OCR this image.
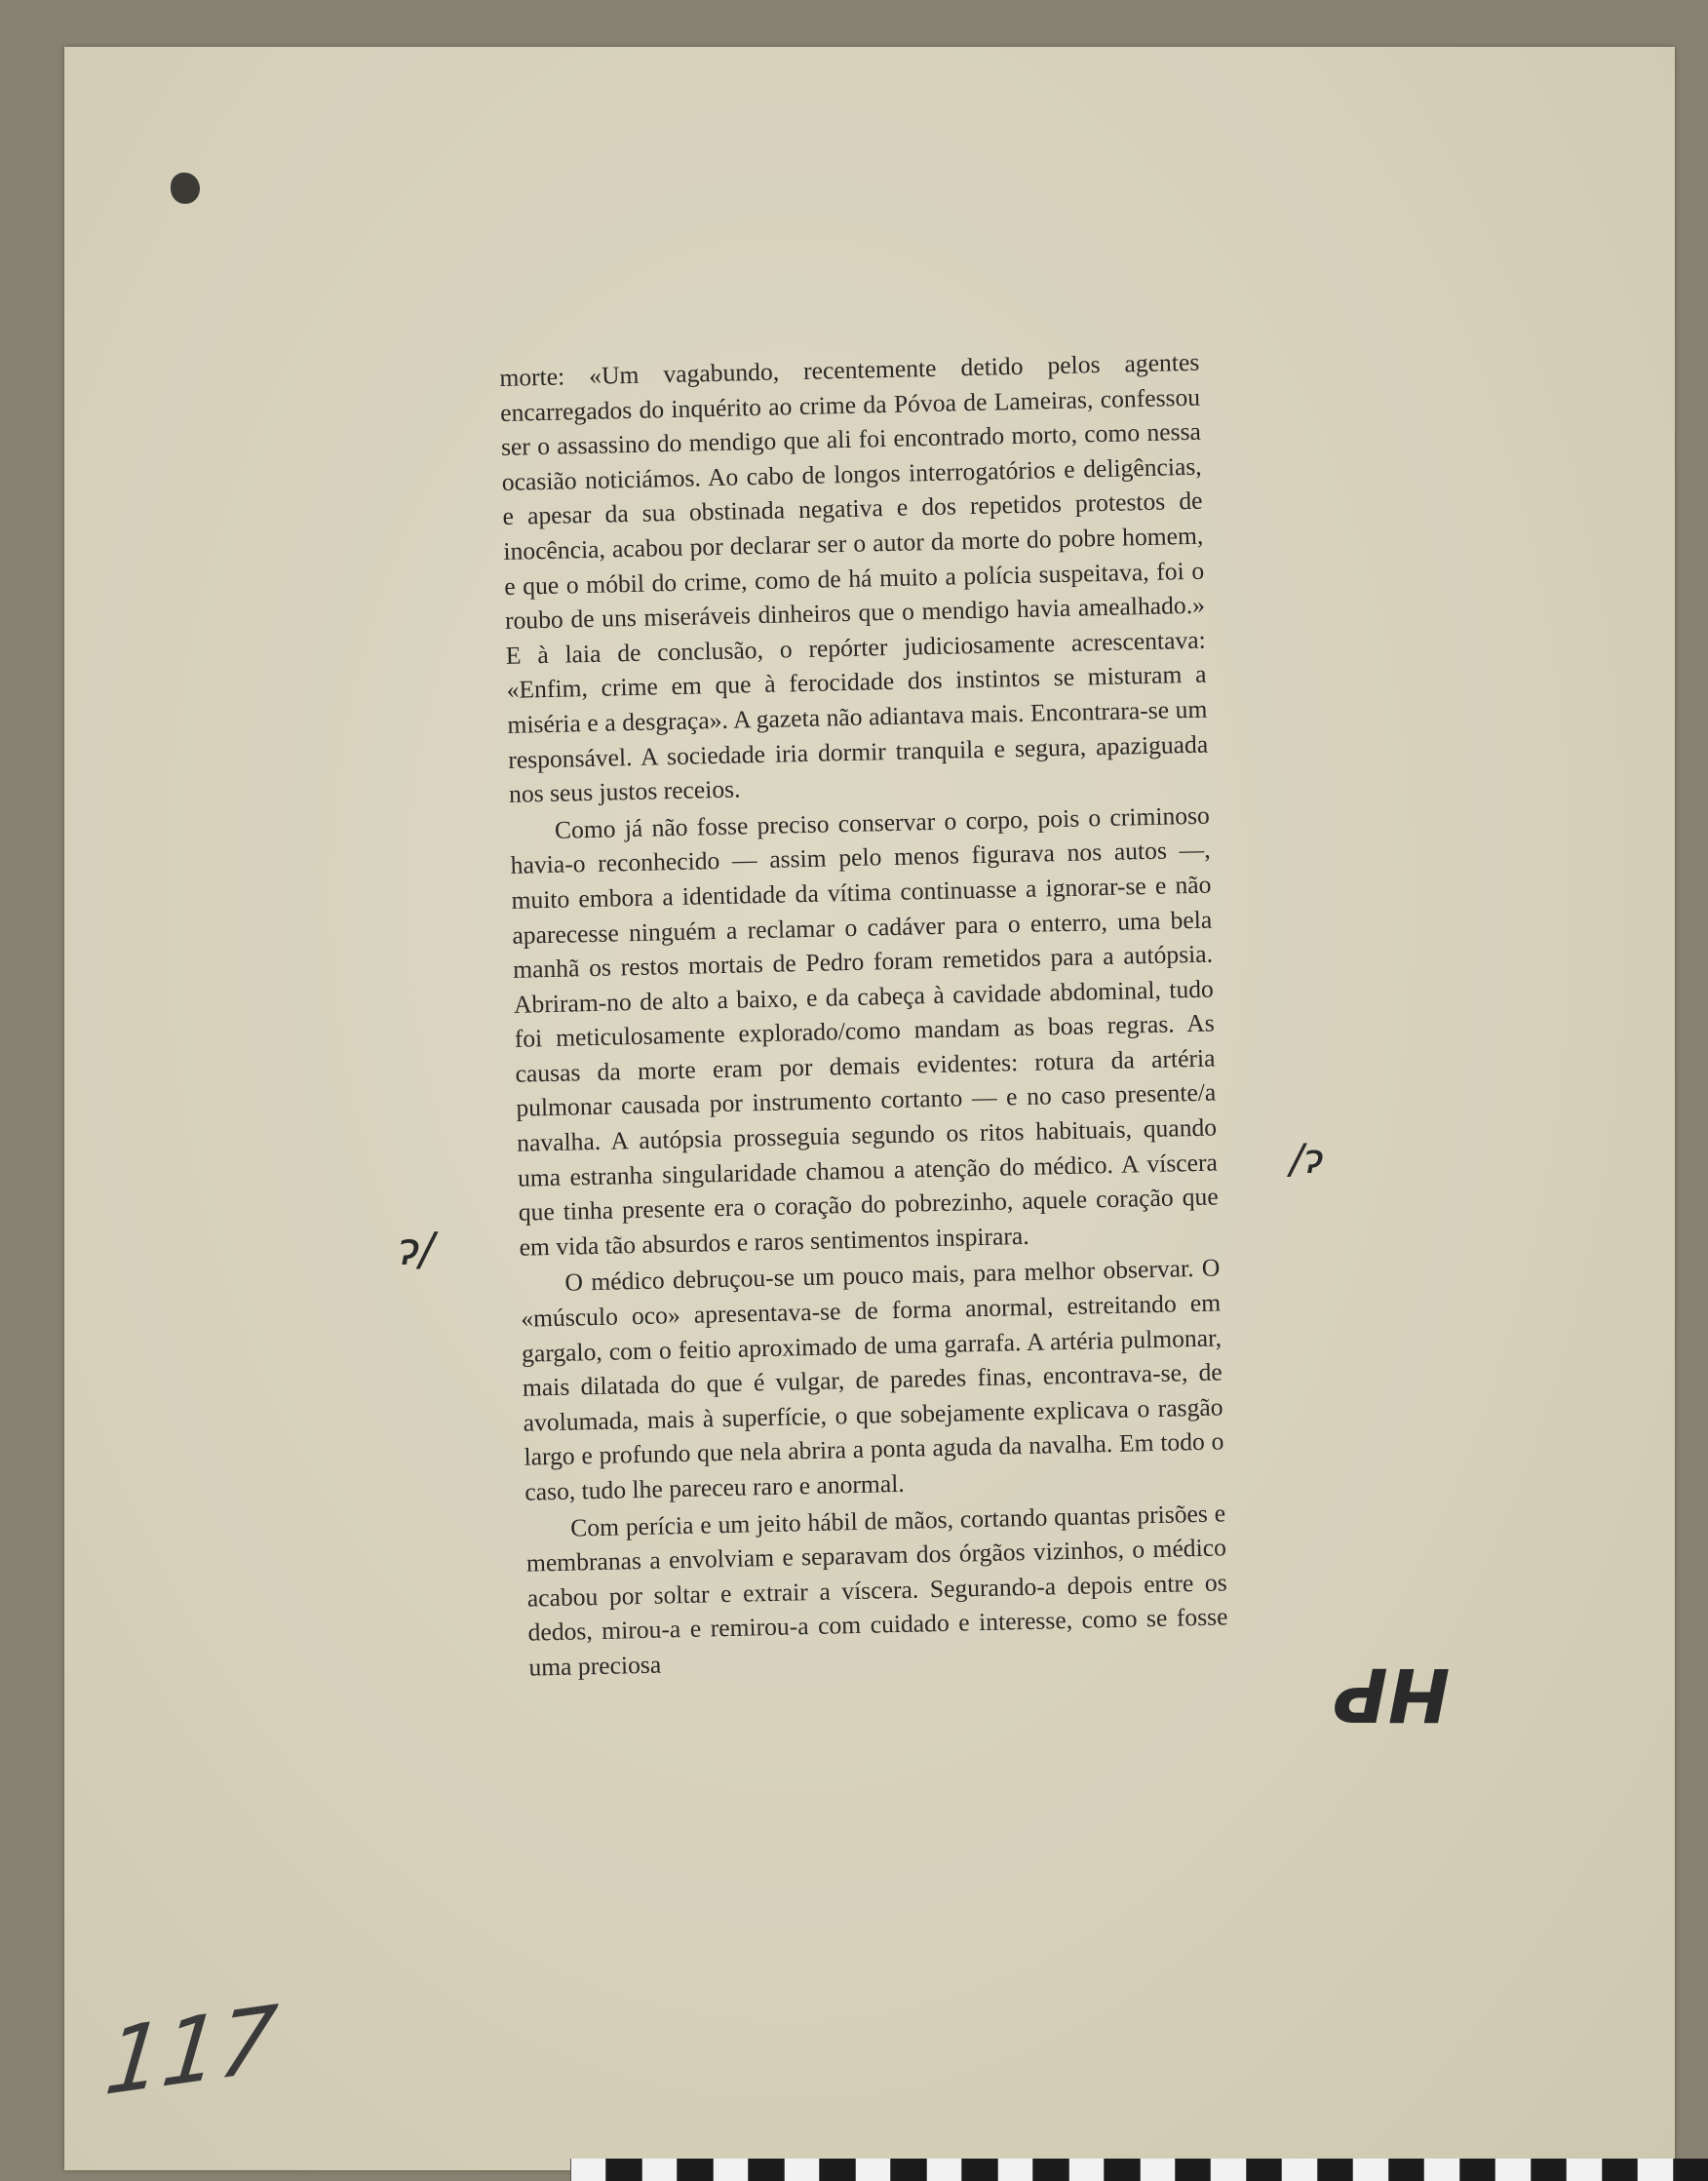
morte: «Um vagabundo, recentemente detido pelos agentes encarregados do inquérito ao crime da Póvoa de Lameiras, confessou ser o assassino do mendigo que ali foi encontrado morto, como nessa ocasião noticiámos. Ao cabo de longos interrogatórios e deligências, e apesar da sua obstinada negativa e dos repetidos protestos de inocência, acabou por declarar ser o autor da morte do pobre homem, e que o móbil do crime, como de há muito a polícia suspeitava, foi o roubo de uns miseráveis dinheiros que o mendigo havia amealhado.» E à laia de conclusão, o repórter judiciosamente acrescentava: «Enfim, crime em que à ferocidade dos instintos se misturam a miséria e a desgraça». A gazeta não adiantava mais. Encontrara-se um responsável. A sociedade iria dormir tranquila e segura, apaziguada nos seus justos receios.

Como já não fosse preciso conservar o corpo, pois o criminoso havia-o reconhecido — assim pelo menos figurava nos autos —, muito embora a identidade da vítima continuasse a ignorar-se e não aparecesse ninguém a reclamar o cadáver para o enterro, uma bela manhã os restos mortais de Pedro foram remetidos para a autópsia. Abriram-no de alto a baixo, e da cabeça à cavidade abdominal, tudo foi meticulosamente explorado/como mandam as boas regras. As causas da morte eram por demais evidentes: rotura da artéria pulmonar causada por instrumento cortanto — e no caso presente/a navalha. A autópsia prosseguia segundo os ritos habituais, quando uma estranha singularidade chamou a atenção do médico. A víscera que tinha presente era o coração do pobrezinho, aquele coração que em vida tão absurdos e raros sentimentos inspirara.

O médico debruçou-se um pouco mais, para melhor observar. O «músculo oco» apresentava-se de forma anormal, estreitando em gargalo, com o feitio aproximado de uma garrafa. A artéria pulmonar, mais dilatada do que é vulgar, de paredes finas, encontrava-se, de avolumada, mais à superfície, o que sobejamente explicava o rasgão largo e profundo que nela abrira a ponta aguda da navalha. Em todo o caso, tudo lhe pareceu raro e anormal.

Com perícia e um jeito hábil de mãos, cortando quantas prisões e membranas a envolviam e separavam dos órgãos vizinhos, o médico acabou por soltar e extrair a víscera. Segurando-a depois entre os dedos, mirou-a e remirou-a com cuidado e interesse, como se fosse uma preciosa

ɂ/
/ɂ
HP
117
